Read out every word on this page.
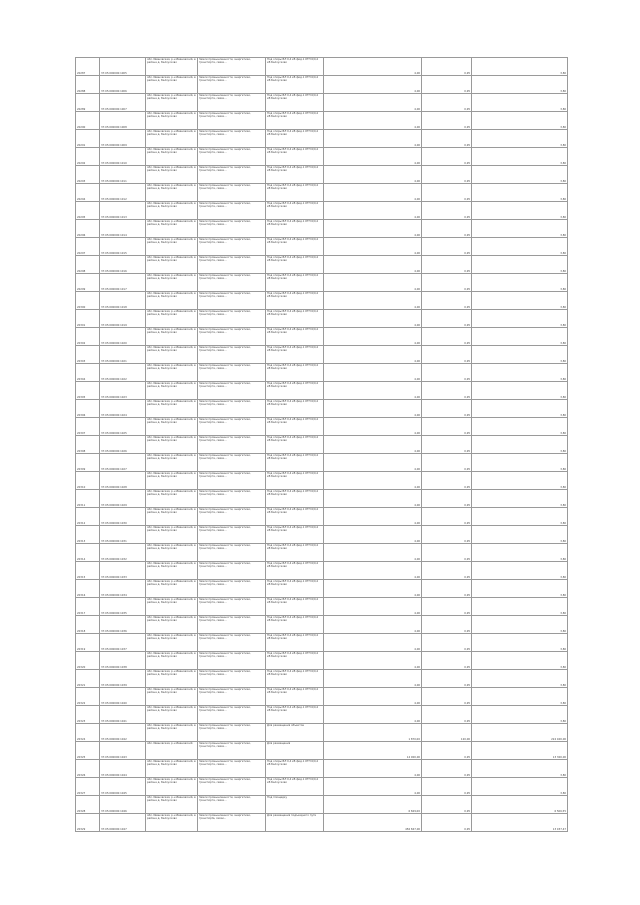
20287	37:05:000000:1005	обл. Ивановская, р-н Ивановский, в районе д. Белоусково	Земли промышленности, энергетики, транспорта, связи...	Под опоры ВЛ 0,4 кВ фид.1 КТП 6/0,4 кВ Белоусково	4,00	0,95	3,80
20288	37:05:000000:1006	обл. Ивановская, р-н Ивановский, в районе д. Белоусково	Земли промышленности, энергетики, транспорта, связи...	Под опоры ВЛ 0,4 кВ фид.1 КТП 6/0,4 кВ Белоусково	4,00	0,95	3,80
20289	37:05:000000:1007	обл. Ивановская, р-н Ивановский, в районе д. Белоусково	Земли промышленности, энергетики, транспорта, связи...	Под опоры ВЛ 0,4 кВ фид.1 КТП 6/0,4 кВ Белоусково	4,00	0,95	3,80
20290	37:05:000000:1008	обл. Ивановская, р-н Ивановский, в районе д. Белоусково	Земли промышленности, энергетики, транспорта, связи...	Под опоры ВЛ 0,4 кВ фид.1 КТП 6/0,4 кВ Белоусково	4,00	0,95	3,80
20291	37:05:000000:1009	обл. Ивановская, р-н Ивановский, в районе д. Белоусково	Земли промышленности, энергетики, транспорта, связи...	Под опоры ВЛ 0,4 кВ фид.1 КТП 6/0,4 кВ Белоусково	4,00	0,95	3,80
20292	37:05:000000:1010	обл. Ивановская, р-н Ивановский, в районе д. Белоусково	Земли промышленности, энергетики, транспорта, связи...	Под опоры ВЛ 0,4 кВ фид.1 КТП 6/0,4 кВ Белоусково	4,00	0,95	3,80
20293	37:05:000000:1011	обл. Ивановская, р-н Ивановский, в районе д. Белоусково	Земли промышленности, энергетики, транспорта, связи...	Под опоры ВЛ 0,4 кВ фид.1 КТП 6/0,4 кВ Белоусково	4,00	0,95	3,80
20294	37:05:000000:1012	обл. Ивановская, р-н Ивановский, в районе д. Белоусково	Земли промышленности, энергетики, транспорта, связи...	Под опоры ВЛ 0,4 кВ фид.1 КТП 6/0,4 кВ Белоусково	4,00	0,95	3,80
20295	37:05:000000:1013	обл. Ивановская, р-н Ивановский, в районе д. Белоусково	Земли промышленности, энергетики, транспорта, связи...	Под опоры ВЛ 0,4 кВ фид.1 КТП 6/0,4 кВ Белоусково	4,00	0,95	3,80
20296	37:05:000000:1014	обл. Ивановская, р-н Ивановский, в районе д. Белоусково	Земли промышленности, энергетики, транспорта, связи...	Под опоры ВЛ 0,4 кВ фид.1 КТП 6/0,4 кВ Белоусково	4,00	0,95	3,80
20297	37:05:000000:1015	обл. Ивановская, р-н Ивановский, в районе д. Белоусково	Земли промышленности, энергетики, транспорта, связи...	Под опоры ВЛ 0,4 кВ фид.1 КТП 6/0,4 кВ Белоусково	4,00	0,95	3,80
20298	37:05:000000:1016	обл. Ивановская, р-н Ивановский, в районе д. Белоусково	Земли промышленности, энергетики, транспорта, связи...	Под опоры ВЛ 0,4 кВ фид.1 КТП 6/0,4 кВ Белоусково	4,00	0,95	3,80
20299	37:05:000000:1017	обл. Ивановская, р-н Ивановский, в районе д. Белоусково	Земли промышленности, энергетики, транспорта, связи...	Под опоры ВЛ 0,4 кВ фид.1 КТП 6/0,4 кВ Белоусково	4,00	0,95	3,80
20300	37:05:000000:1018	обл. Ивановская, р-н Ивановский, в районе д. Белоусково	Земли промышленности, энергетики, транспорта, связи...	Под опоры ВЛ 0,4 кВ фид.1 КТП 6/0,4 кВ Белоусково	4,00	0,95	3,80
20301	37:05:000000:1019	обл. Ивановская, р-н Ивановский, в районе д. Белоусково	Земли промышленности, энергетики, транспорта, связи...	Под опоры ВЛ 0,4 кВ фид.1 КТП 6/0,4 кВ Белоусково	4,00	0,95	3,80
20302	37:05:000000:1020	обл. Ивановская, р-н Ивановский, в районе д. Белоусково	Земли промышленности, энергетики, транспорта, связи...	Под опоры ВЛ 0,4 кВ фид.1 КТП 6/0,4 кВ Белоусково	4,00	0,95	3,80
20303	37:05:000000:1021	обл. Ивановская, р-н Ивановский, в районе д. Белоусково	Земли промышленности, энергетики, транспорта, связи...	Под опоры ВЛ 0,4 кВ фид.1 КТП 6/0,4 кВ Белоусково	4,00	0,95	3,80
20304	37:05:000000:1022	обл. Ивановская, р-н Ивановский, в районе д. Белоусково	Земли промышленности, энергетики, транспорта, связи...	Под опоры ВЛ 0,4 кВ фид.1 КТП 6/0,4 кВ Белоусково	4,00	0,95	3,80
20305	37:05:000000:1023	обл. Ивановская, р-н Ивановский, в районе д. Белоусково	Земли промышленности, энергетики, транспорта, связи...	Под опоры ВЛ 0,4 кВ фид.1 КТП 6/0,4 кВ Белоусково	4,00	0,95	3,80
20306	37:05:000000:1024	обл. Ивановская, р-н Ивановский, в районе д. Белоусково	Земли промышленности, энергетики, транспорта, связи...	Под опоры ВЛ 0,4 кВ фид.1 КТП 6/0,4 кВ Белоусково	4,00	0,95	3,80
20307	37:05:000000:1025	обл. Ивановская, р-н Ивановский, в районе д. Белоусково	Земли промышленности, энергетики, транспорта, связи...	Под опоры ВЛ 0,4 кВ фид.1 КТП 6/0,4 кВ Белоусково	4,00	0,95	3,80
20308	37:05:000000:1026	обл. Ивановская, р-н Ивановский, в районе д. Белоусково	Земли промышленности, энергетики, транспорта, связи...	Под опоры ВЛ 0,4 кВ фид.1 КТП 6/0,4 кВ Белоусково	4,00	0,95	3,80
20309	37:05:000000:1027	обл. Ивановская, р-н Ивановский, в районе д. Белоусково	Земли промышленности, энергетики, транспорта, связи...	Под опоры ВЛ 0,4 кВ фид.1 КТП 6/0,4 кВ Белоусково	4,00	0,95	3,80
20310	37:05:000000:1028	обл. Ивановская, р-н Ивановский, в районе д. Белоусково	Земли промышленности, энергетики, транспорта, связи...	Под опоры ВЛ 0,4 кВ фид.1 КТП 6/0,4 кВ Белоусково	4,00	0,95	3,80
20311	37:05:000000:1029	обл. Ивановская, р-н Ивановский, в районе д. Белоусково	Земли промышленности, энергетики, транспорта, связи...	Под опоры ВЛ 0,4 кВ фид.1 КТП 6/0,4 кВ Белоусково	4,00	0,95	3,80
20312	37:05:000000:1030	обл. Ивановская, р-н Ивановский, в районе д. Белоусково	Земли промышленности, энергетики, транспорта, связи...	Под опоры ВЛ 0,4 кВ фид.1 КТП 6/0,4 кВ Белоусково	4,00	0,95	3,80
20313	37:05:000000:1031	обл. Ивановская, р-н Ивановский, в районе д. Белоусково	Земли промышленности, энергетики, транспорта, связи...	Под опоры ВЛ 0,4 кВ фид.1 КТП 6/0,4 кВ Белоусково	4,00	0,95	3,80
20314	37:05:000000:1032	обл. Ивановская, р-н Ивановский, в районе д. Белоусково	Земли промышленности, энергетики, транспорта, связи...	Под опоры ВЛ 0,4 кВ фид.1 КТП 6/0,4 кВ Белоусково	4,00	0,95	3,80
20315	37:05:000000:1033	обл. Ивановская, р-н Ивановский, в районе д. Белоусково	Земли промышленности, энергетики, транспорта, связи...	Под опоры ВЛ 0,4 кВ фид.1 КТП 6/0,4 кВ Белоусково	4,00	0,95	3,80
20316	37:05:000000:1034	обл. Ивановская, р-н Ивановский, в районе д. Белоусково	Земли промышленности, энергетики, транспорта, связи...	Под опоры ВЛ 0,4 кВ фид.1 КТП 6/0,4 кВ Белоусково	4,00	0,95	3,80
20317	37:05:000000:1035	обл. Ивановская, р-н Ивановский, в районе д. Белоусково	Земли промышленности, энергетики, транспорта, связи...	Под опоры ВЛ 0,4 кВ фид.1 КТП 6/0,4 кВ Белоусково	4,00	0,95	3,80
20318	37:05:000000:1036	обл. Ивановская, р-н Ивановский, в районе д. Белоусково	Земли промышленности, энергетики, транспорта, связи...	Под опоры ВЛ 0,4 кВ фид.1 КТП 6/0,4 кВ Белоусково	4,00	0,95	3,80
20319	37:05:000000:1037	обл. Ивановская, р-н Ивановский, в районе д. Белоусково	Земли промышленности, энергетики, транспорта, связи...	Под опоры ВЛ 0,4 кВ фид.1 КТП 6/0,4 кВ Белоусково	4,00	0,95	3,80
20320	37:05:000000:1038	обл. Ивановская, р-н Ивановский, в районе д. Белоусково	Земли промышленности, энергетики, транспорта, связи...	Под опоры ВЛ 0,4 кВ фид.1 КТП 6/0,4 кВ Белоусково	4,00	0,95	3,80
20321	37:05:000000:1039	обл. Ивановская, р-н Ивановский, в районе д. Белоусково	Земли промышленности, энергетики, транспорта, связи...	Под опоры ВЛ 0,4 кВ фид.1 КТП 6/0,4 кВ Белоусково	4,00	0,95	3,80
20322	37:05:000000:1040	обл. Ивановская, р-н Ивановский, в районе д. Белоусково	Земли промышленности, энергетики, транспорта, связи...	Под опоры ВЛ 0,4 кВ фид.1 КТП 6/0,4 кВ Белоусково	4,00	0,95	3,80
20323	37:05:000000:1041	обл. Ивановская, р-н Ивановский, в районе д. Белоусково	Земли промышленности, энергетики, транспорта, связи...	Под опоры ВЛ 0,4 кВ фид.1 КТП 6/0,4 кВ Белоусково	4,00	0,95	3,80
20324	37:05:000000:1042	обл. Ивановская, р-н Ивановский, в районе д. Белоусково	Земли промышленности, энергетики, транспорта, связи...	Для размещения объектов	1 870,00	120,00	224 400,00
20325	37:05:000000:1043	обл. Ивановская, р-н Ивановский	Земли промышленности, энергетики, транспорта, связи...	Для размещения	14 000,00	0,95	13 300,00
20326	37:05:000000:1044	обл. Ивановская, р-н Ивановский, в районе д. Белоусково	Земли промышленности, энергетики, транспорта, связи...	Под опоры ВЛ 0,4 кВ фид.1 КТП 6/0,4 кВ Белоусково	4,00	0,95	3,80
20327	37:05:000000:1045	обл. Ивановская, р-н Ивановский, в районе д. Белоусково	Земли промышленности, энергетики, транспорта, связи...	Под опоры ВЛ 0,4 кВ фид.1 КТП 6/0,4 кВ Белоусково	4,00	0,95	3,80
20328	37:05:000000:1046	обл. Ивановская, р-н Ивановский, в районе д. Белоусково	Земли промышленности, энергетики, транспорта, связи...	Под площадку	6 849,00	0,95	6 506,55
20329	37:05:000000:1047	обл. Ивановская, р-н Ивановский, в районе д. Белоусково	Земли промышленности, энергетики, транспорta, связи...	Для размещения подъездного пути	456 847,00	0,95	13 457,47
